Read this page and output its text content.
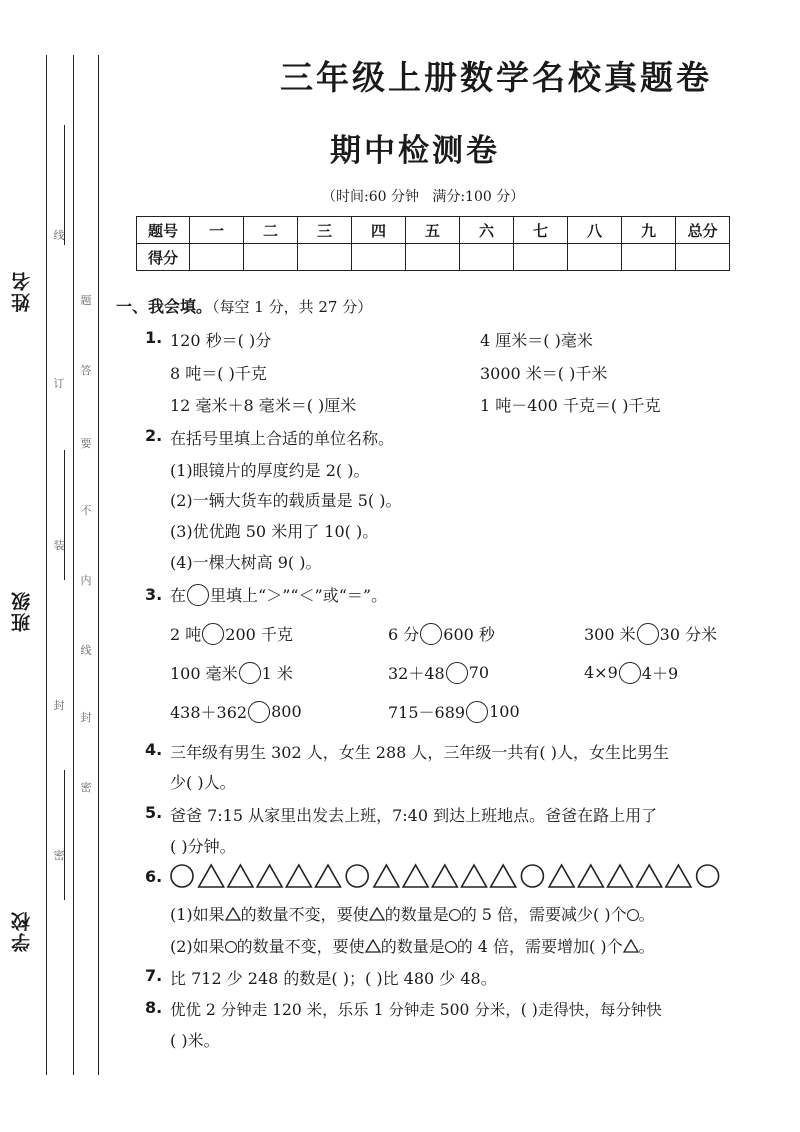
姓名
班级
学校
线
订
装
封
密
题
答
要
不
内
线
封
密
三年级上册数学名校真题卷
期中检测卷
（时间:60 分钟   满分:100 分）
题号	一	二	三	四	五	六	七	八	九	总分
得分										
一、我会填。（每空 1 分，共 27 分）
1. 120 秒＝( )分	4 厘米＝( )毫米
8 吨＝( )千克	3000 米＝( )千米
12 毫米＋8 毫米＝( )厘米	1 吨－400 千克＝( )千克
2. 在括号里填上合适的单位名称。
(1)眼镜片的厚度约是 2( )。
(2)一辆大货车的载质量是 5( )。
(3)优优跑 50 米用了 10( )。
(4)一棵大树高 9( )。
3. 在 里填上“＞”“＜”或“＝”。
2 吨 200 千克	6 分 600 秒	300 米 30 分米
100 毫米 1 米	32＋48 70	4×9 4＋9
438＋362 800	715－689 100
4. 三年级有男生 302 人，女生 288 人，三年级一共有( )人，女生比男生
少( )人。
5. 爸爸 7:15 从家里出发去上班，7:40 到达上班地点。爸爸在路上用了
( )分钟。
6.
(1)如果 的数量不变，要使 的数量是 的 5 倍，需要减少( )个 。
(2)如果 的数量不变，要使 的数量是 的 4 倍，需要增加( )个 。
7. 比 712 少 248 的数是( )；( )比 480 少 48。
8. 优优 2 分钟走 120 米，乐乐 1 分钟走 500 分米，( )走得快，每分钟快
( )米。
